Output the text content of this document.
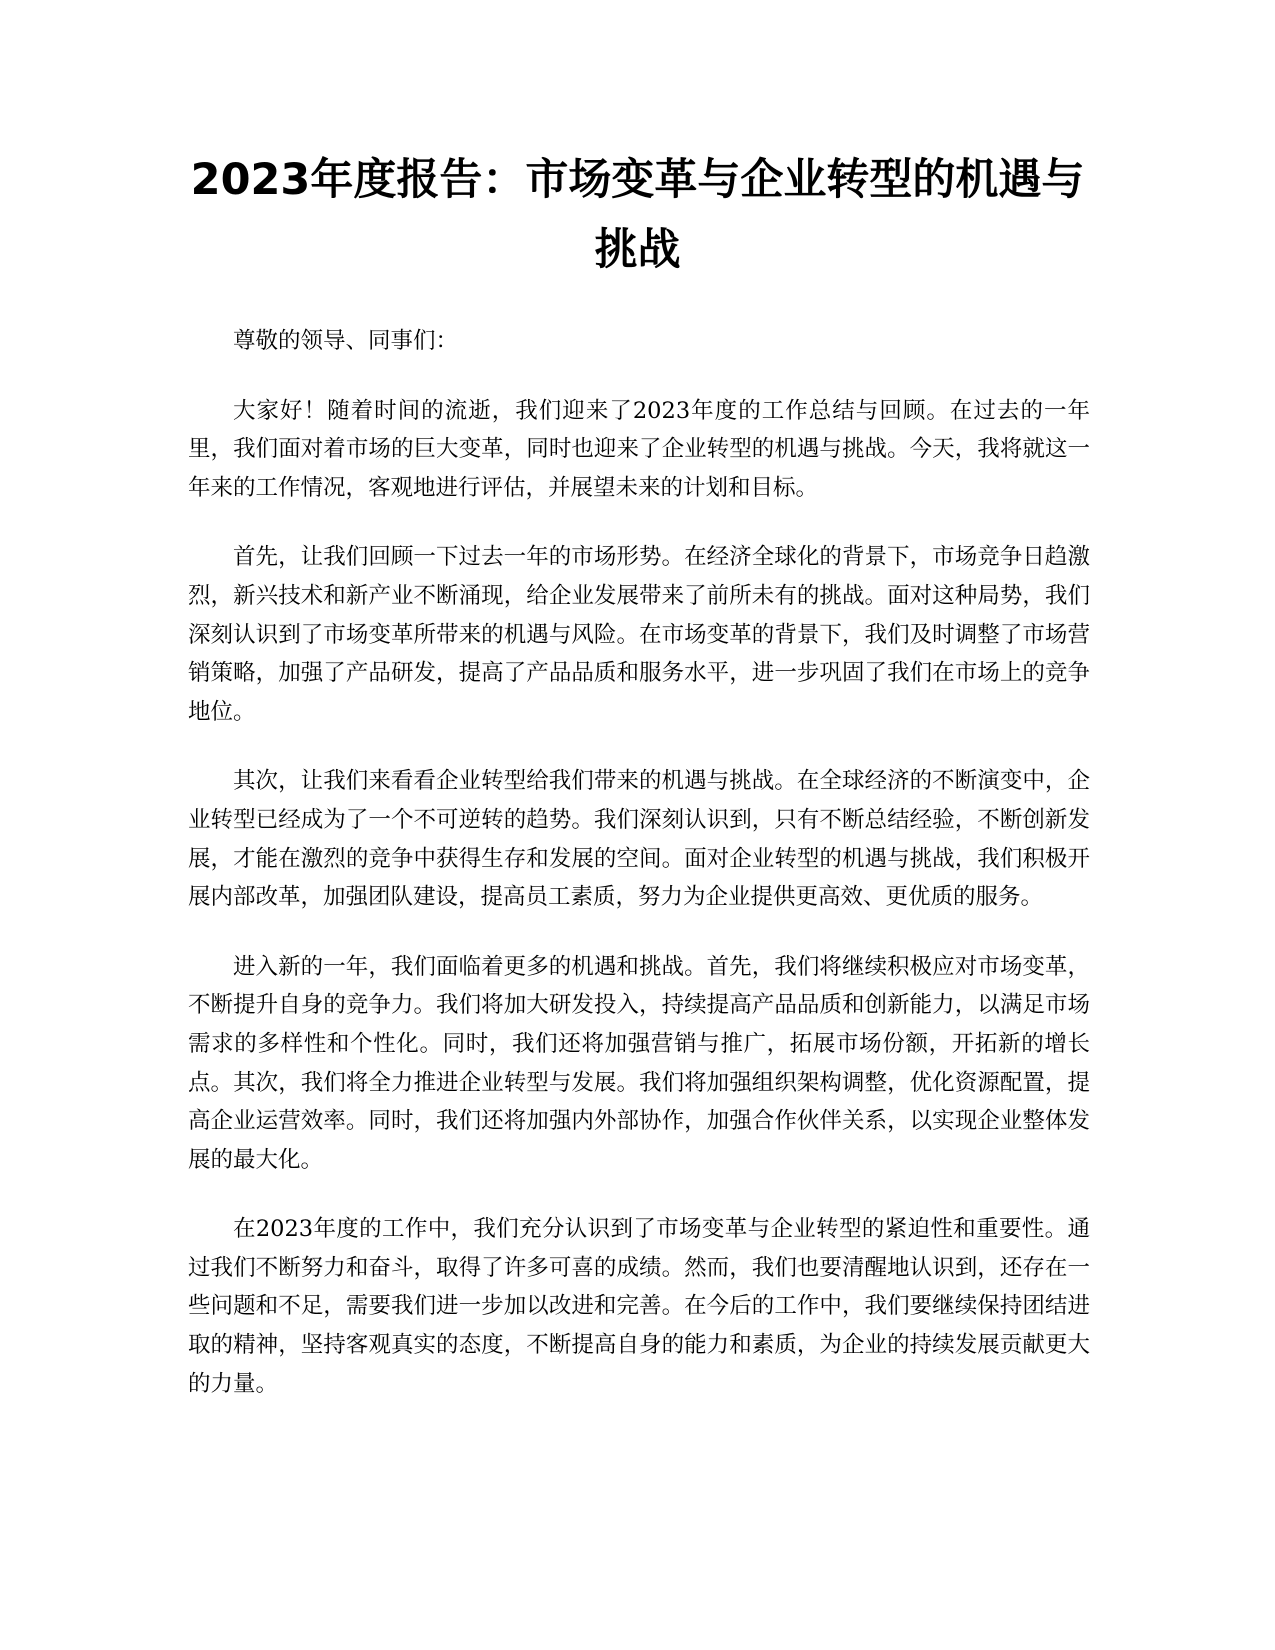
2023年度报告：市场变革与企业转型的机遇与挑战

尊敬的领导、同事们：

大家好！随着时间的流逝，我们迎来了2023年度的工作总结与回顾。在过去的一年里，我们面对着市场的巨大变革，同时也迎来了企业转型的机遇与挑战。今天，我将就这一年来的工作情况，客观地进行评估，并展望未来的计划和目标。

首先，让我们回顾一下过去一年的市场形势。在经济全球化的背景下，市场竞争日趋激烈，新兴技术和新产业不断涌现，给企业发展带来了前所未有的挑战。面对这种局势，我们深刻认识到了市场变革所带来的机遇与风险。在市场变革的背景下，我们及时调整了市场营销策略，加强了产品研发，提高了产品品质和服务水平，进一步巩固了我们在市场上的竞争地位。

其次，让我们来看看企业转型给我们带来的机遇与挑战。在全球经济的不断演变中，企业转型已经成为了一个不可逆转的趋势。我们深刻认识到，只有不断总结经验，不断创新发展，才能在激烈的竞争中获得生存和发展的空间。面对企业转型的机遇与挑战，我们积极开展内部改革，加强团队建设，提高员工素质，努力为企业提供更高效、更优质的服务。

进入新的一年，我们面临着更多的机遇和挑战。首先，我们将继续积极应对市场变革，不断提升自身的竞争力。我们将加大研发投入，持续提高产品品质和创新能力，以满足市场需求的多样性和个性化。同时，我们还将加强营销与推广，拓展市场份额，开拓新的增长点。其次，我们将全力推进企业转型与发展。我们将加强组织架构调整，优化资源配置，提高企业运营效率。同时，我们还将加强内外部协作，加强合作伙伴关系，以实现企业整体发展的最大化。

在2023年度的工作中，我们充分认识到了市场变革与企业转型的紧迫性和重要性。通过我们不断努力和奋斗，取得了许多可喜的成绩。然而，我们也要清醒地认识到，还存在一些问题和不足，需要我们进一步加以改进和完善。在今后的工作中，我们要继续保持团结进取的精神，坚持客观真实的态度，不断提高自身的能力和素质，为企业的持续发展贡献更大的力量。
